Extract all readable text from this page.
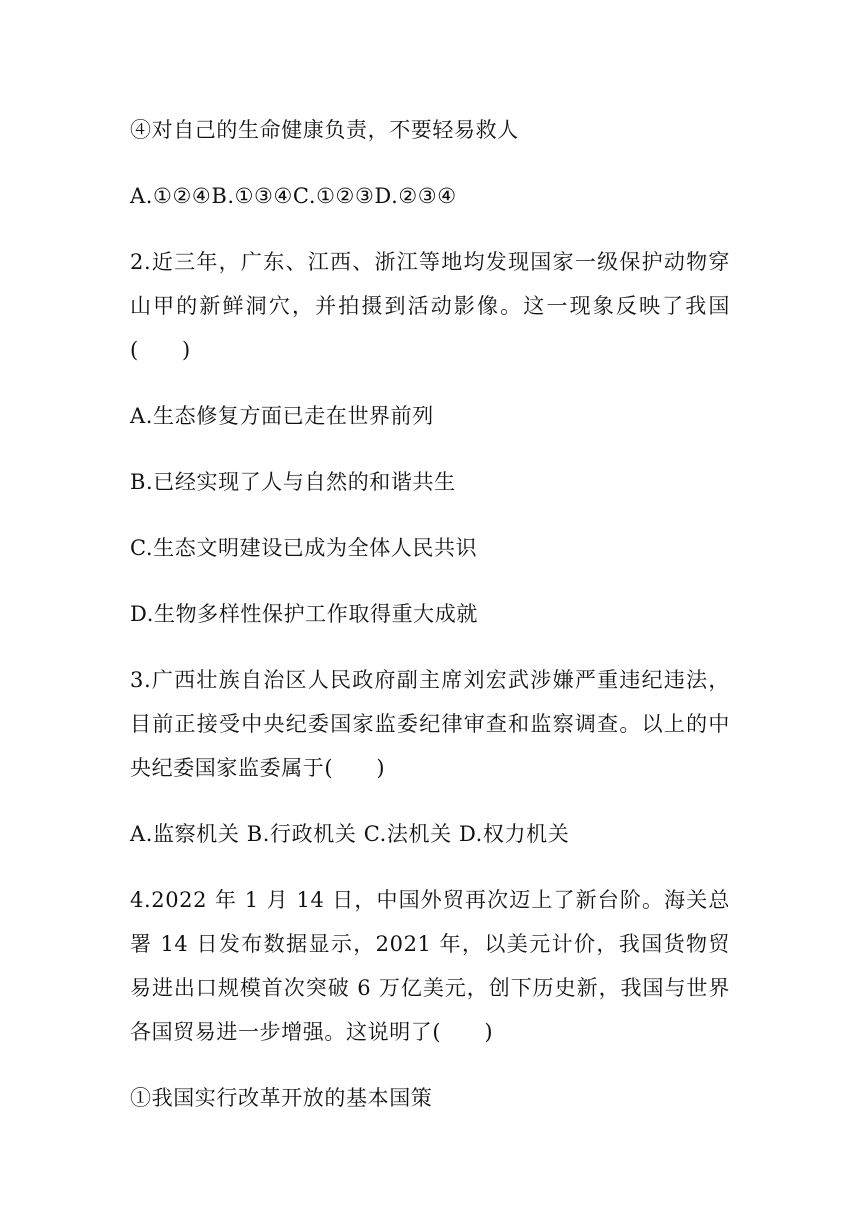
④对自己的生命健康负责，不要轻易救人

A.①②④B.①③④C.①②③D.②③④

2.近三年，广东、江西、浙江等地均发现国家一级保护动物穿山甲的新鲜洞穴，并拍摄到活动影像。这一现象反映了我国(　　)

A.生态修复方面已走在世界前列

B.已经实现了人与自然的和谐共生

C.生态文明建设已成为全体人民共识

D.生物多样性保护工作取得重大成就

3.广西壮族自治区人民政府副主席刘宏武涉嫌严重违纪违法，目前正接受中央纪委国家监委纪律审查和监察调查。以上的中央纪委国家监委属于(　　)

A.监察机关 B.行政机关 C.法机关 D.权力机关

4.2022 年 1 月 14 日，中国外贸再次迈上了新台阶。海关总署 14 日发布数据显示，2021 年，以美元计价，我国货物贸易进出口规模首次突破 6 万亿美元，创下历史新，我国与世界各国贸易进一步增强。这说明了(　　)

①我国实行改革开放的基本国策
